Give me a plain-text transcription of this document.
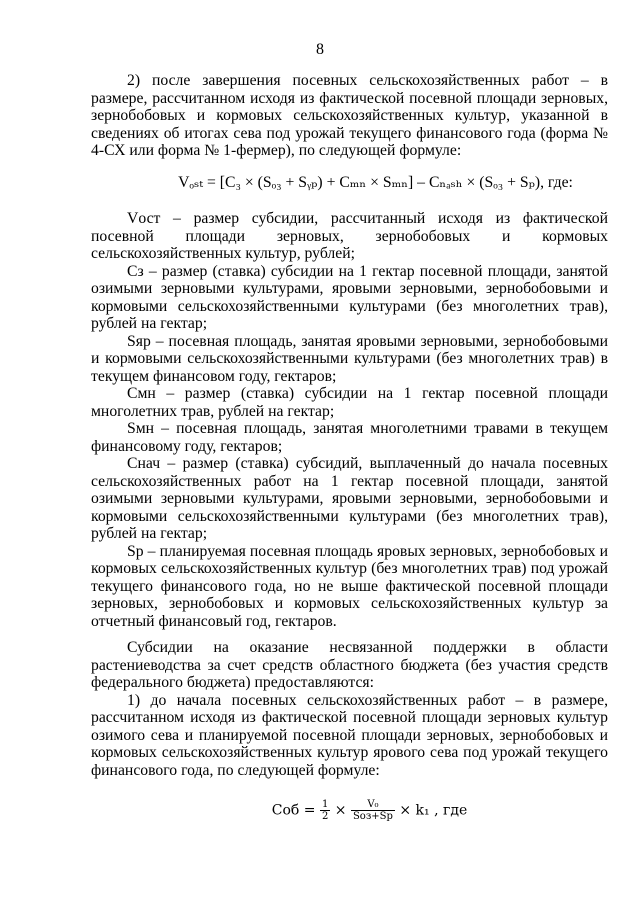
8

2) после завершения посевных сельскохозяйственных работ – в размере, рассчитанном исходя из фактической посевной площади зерновых, зернобобовых и кормовых сельскохозяйственных культур, указанной в сведениях об итогах сева под урожай текущего финансового года (форма № 4-СХ или форма № 1-фермер), по следующей формуле:

Vₒₛₜ = [C₃ × (Sₒ₃ + Sᵧₚ) + Cₘₙ × Sₘₙ] – Cₙₐₛₕ × (Sₒ₃ + Sₚ), где:

Vост – размер субсидии, рассчитанный исходя из фактической посевной площади зерновых, зернобобовых и кормовых сельскохозяйственных культур, рублей;

Cз – размер (ставка) субсидии на 1 гектар посевной площади, занятой озимыми зерновыми культурами, яровыми зерновыми, зернобобовыми и кормовыми сельскохозяйственными культурами (без многолетних трав), рублей на гектар;

Sяр – посевная площадь, занятая яровыми зерновыми, зернобобовыми и кормовыми сельскохозяйственными культурами (без многолетних трав) в текущем финансовом году, гектаров;

Cмн – размер (ставка) субсидии на 1 гектар посевной площади многолетних трав, рублей на гектар;

Sмн – посевная площадь, занятая многолетними травами в текущем финансовому году, гектаров;

Cнач – размер (ставка) субсидий, выплаченный до начала посевных сельскохозяйственных работ на 1 гектар посевной площади, занятой озимыми зерновыми культурами, яровыми зерновыми, зернобобовыми и кормовыми сельскохозяйственными культурами (без многолетних трав), рублей на гектар;

Sр – планируемая посевная площадь яровых зерновых, зернобобовых и кормовых сельскохозяйственных культур (без многолетних трав) под урожай текущего финансового года, но не выше фактической посевной площади зерновых, зернобобовых и кормовых сельскохозяйственных культур за отчетный финансовый год, гектаров.

Субсидии на оказание несвязанной поддержки в области растениеводства за счет средств областного бюджета (без участия средств федерального бюджета) предоставляются:

1) до начала посевных сельскохозяйственных работ – в размере, рассчитанном исходя из фактической посевной площади зерновых культур озимого сева и планируемой посевной площади зерновых, зернобобовых и кормовых сельскохозяйственных культур ярового сева под урожай текущего финансового года, по следующей формуле:

Cоб = $\frac{1}{2} \times \frac{\text{V₀}}{\text{Sоз+Sр}} \times k_1$ , где
